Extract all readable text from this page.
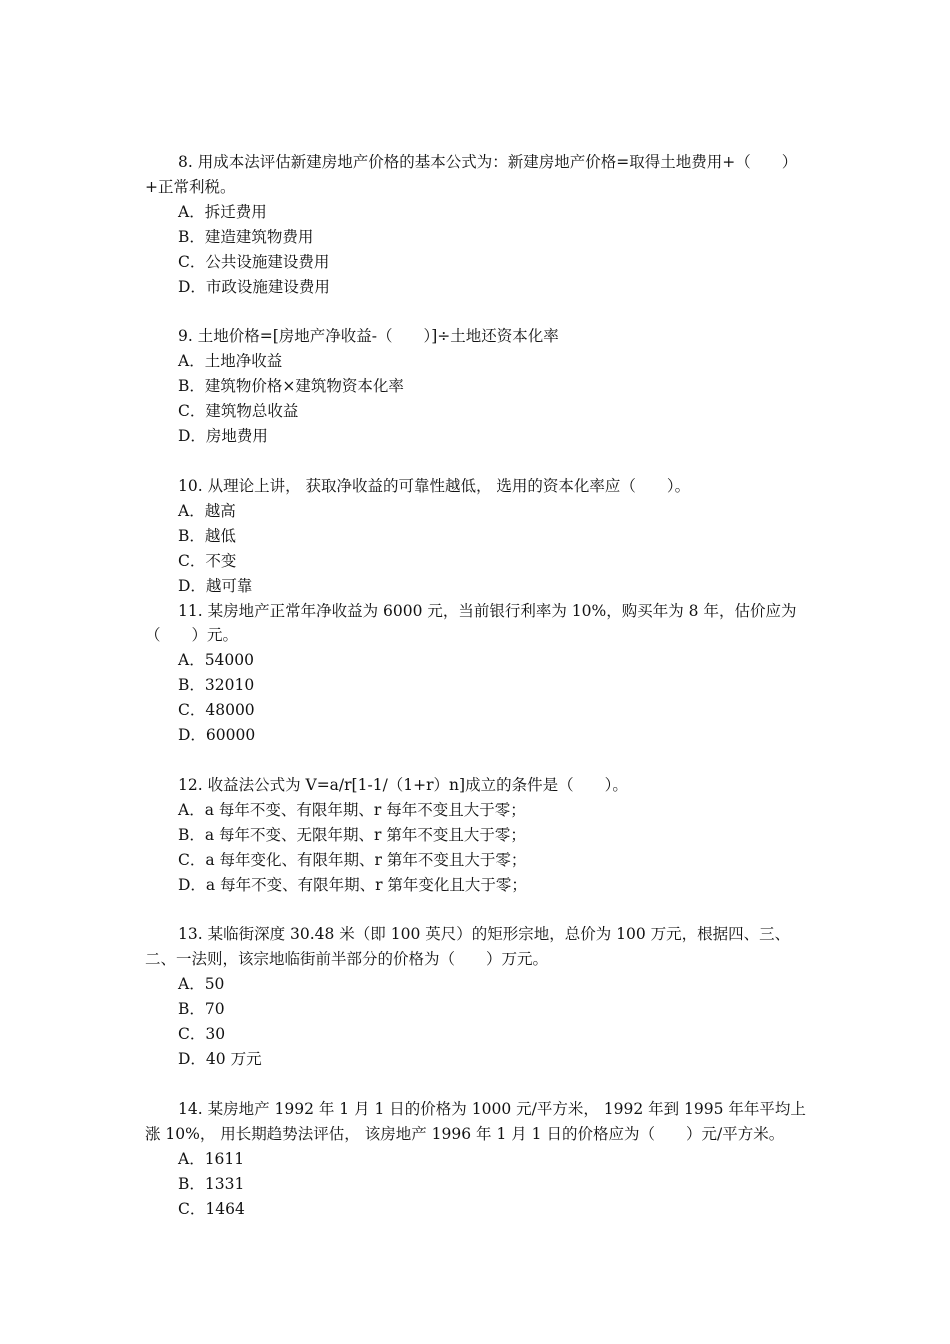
8. 用成本法评估新建房地产价格的基本公式为：新建房地产价格=取得土地费用+（　　）+正常利税。

A．拆迁费用

B．建造建筑物费用

C．公共设施建设费用

D．市政设施建设费用

9. 土地价格=[房地产净收益-（　　）]÷土地还资本化率

A．土地净收益

B．建筑物价格×建筑物资本化率

C．建筑物总收益

D．房地费用

10. 从理论上讲， 获取净收益的可靠性越低， 选用的资本化率应（　　）。

A．越高

B．越低

C．不变

D．越可靠

11. 某房地产正常年净收益为 6000 元，当前银行利率为 10%，购买年为 8 年，估价应为（　　）元。

A．54000

B．32010

C．48000

D．60000

12. 收益法公式为 V=a/r[1-1/（1+r）n]成立的条件是（　　）。

A．a 每年不变、有限年期、r 每年不变且大于零；

B．a 每年不变、无限年期、r 第年不变且大于零；

C．a 每年变化、有限年期、r 第年不变且大于零；

D．a 每年不变、有限年期、r 第年变化且大于零；

13. 某临街深度 30.48 米（即 100 英尺）的矩形宗地，总价为 100 万元，根据四、三、二、一法则，该宗地临街前半部分的价格为（　　）万元。

A．50

B．70

C．30

D．40 万元

14. 某房地产 1992 年 1 月 1 日的价格为 1000 元/平方米， 1992 年到 1995 年年平均上涨 10%， 用长期趋势法评估， 该房地产 1996 年 1 月 1 日的价格应为（　　）元/平方米。

A．1611

B．1331

C．1464
